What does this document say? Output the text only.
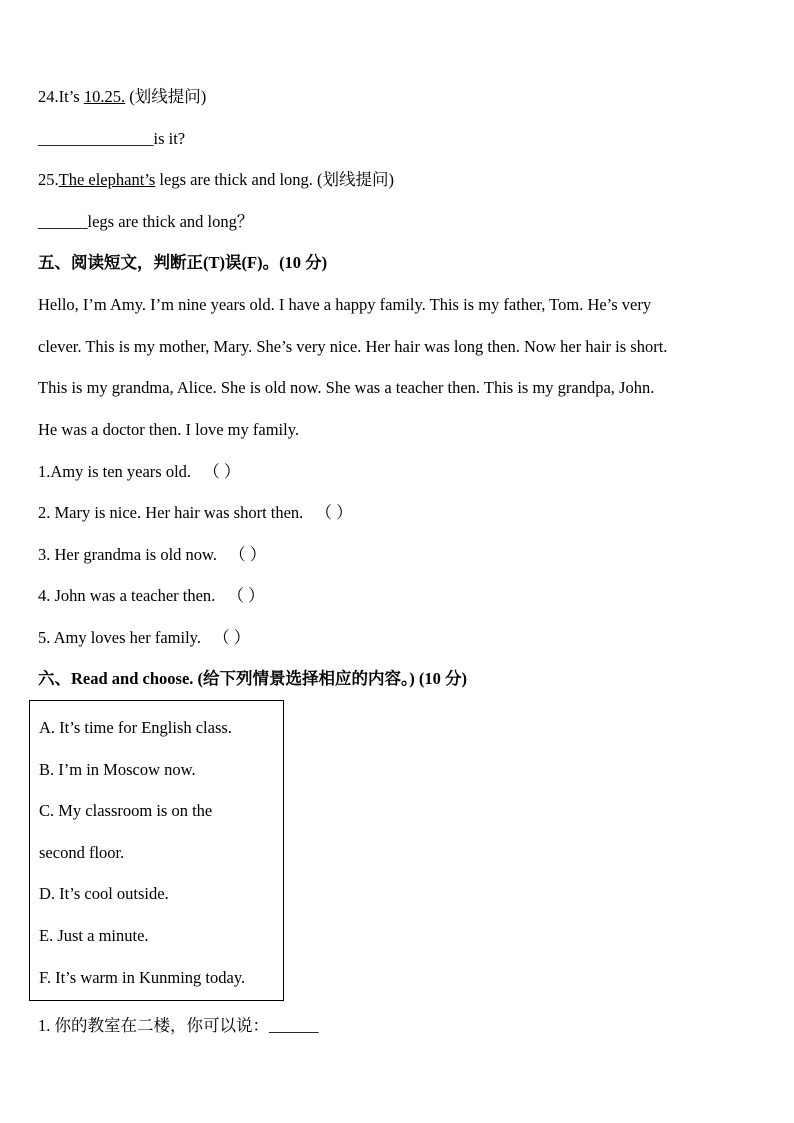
24.It’s 10.25. (划线提问)
______________is it?
25.The elephant’s legs are thick and long. (划线提问)
______legs are thick and long？
五、阅读短文，判断正(T)误(F)。(10 分)
Hello, I’m Amy. I’m nine years old. I have a happy family. This is my father, Tom. He’s very
clever. This is my mother, Mary. She’s very nice. Her hair was long then. Now her hair is short.
This is my grandma, Alice. She is old now. She was a teacher then. This is my grandpa, John.
He was a doctor then. I love my family.
1.Amy is ten years old. （ ）
2. Mary is nice. Her hair was short then. （ ）
3. Her grandma is old now. （ ）
4. John was a teacher then. （ ）
5. Amy loves her family. （ ）
六、Read and choose. (给下列情景选择相应的内容。) (10 分)
A. It’s time for English class.
B. I’m in Moscow now.
C. My classroom is on the
second floor.
D. It’s cool outside.
E. Just a minute.
F. It’s warm in Kunming today.
1. 你的教室在二楼，你可以说：______
